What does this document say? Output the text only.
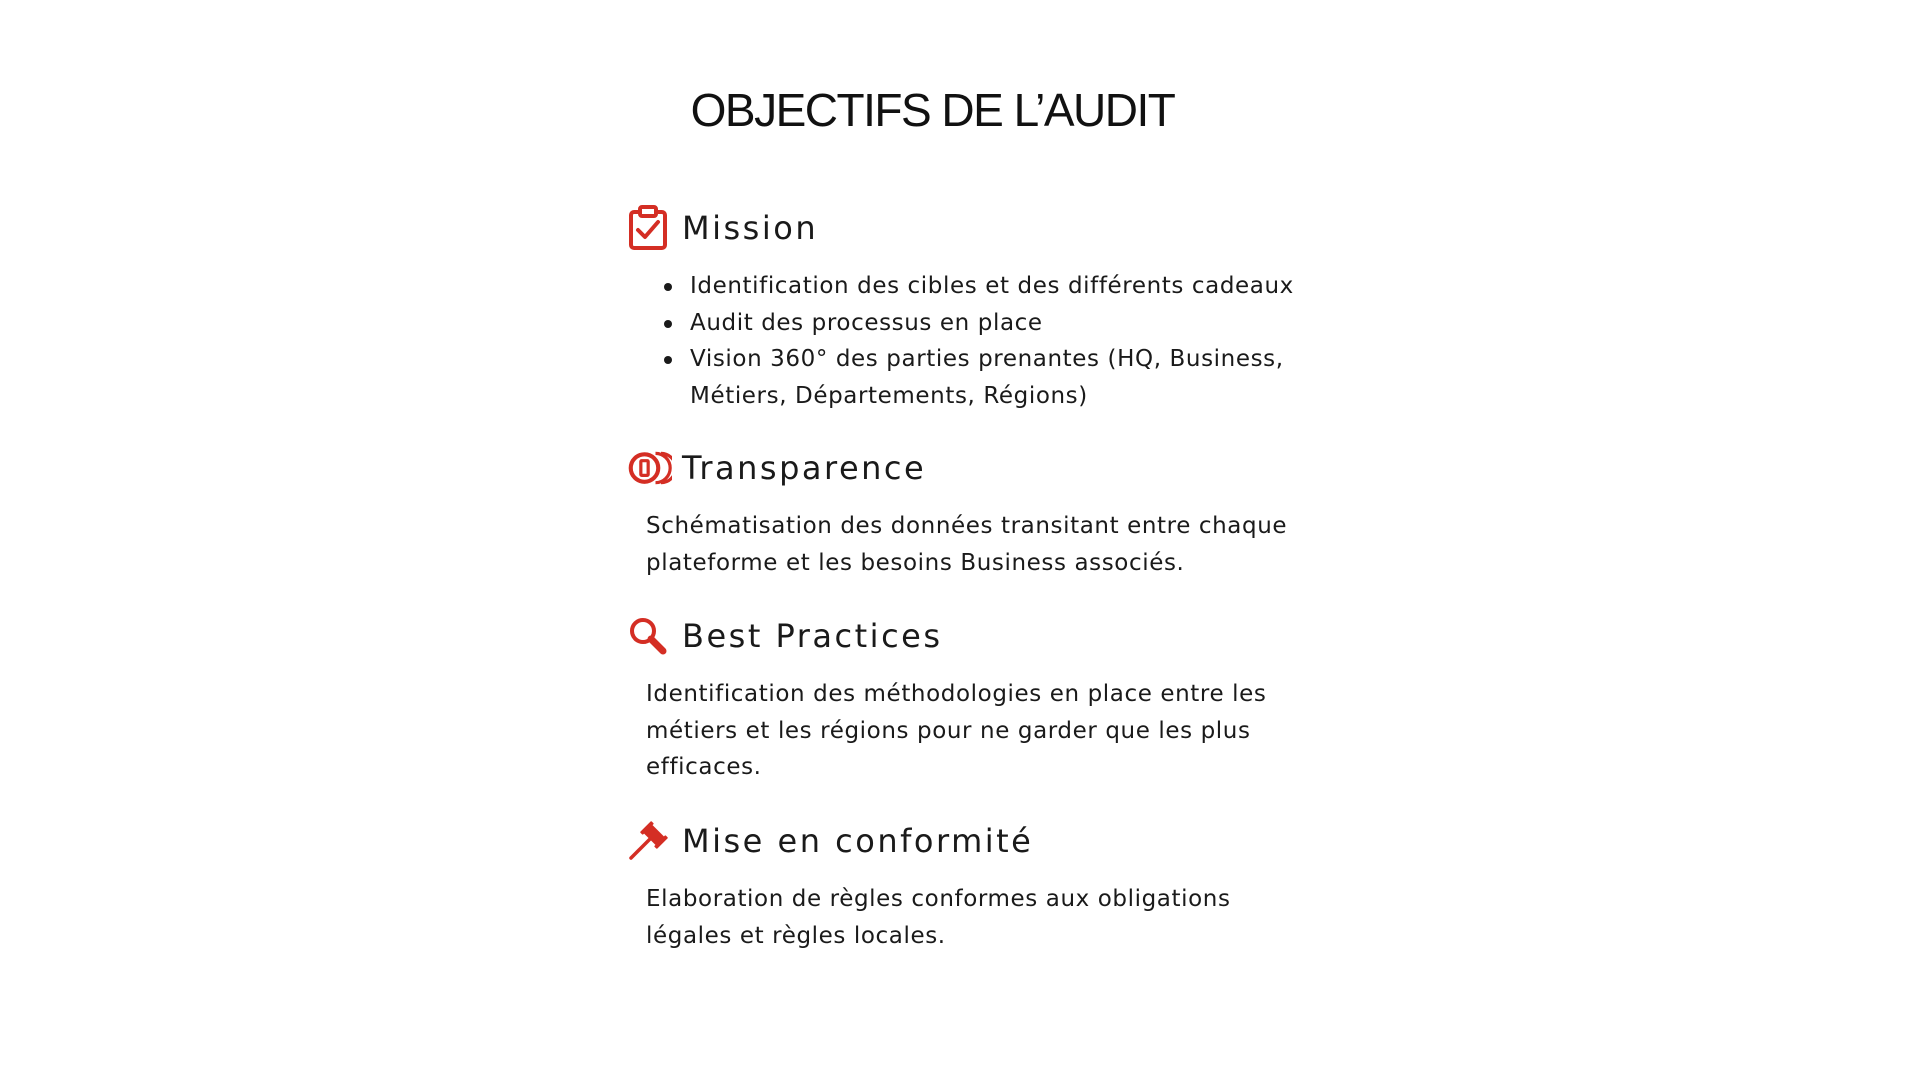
OBJECTIFS DE L’AUDIT
Mission
Identification des cibles et des différents cadeaux
Audit des processus en place
Vision 360° des parties prenantes (HQ, Business,
Métiers, Départements, Régions)
Transparence
Schématisation des données transitant entre chaque
plateforme et les besoins Business associés.
Best Practices
Identification des méthodologies en place entre les
métiers et les régions pour ne garder que les plus
efficaces.
Mise en conformité
Elaboration de règles conformes aux obligations
légales et règles locales.
